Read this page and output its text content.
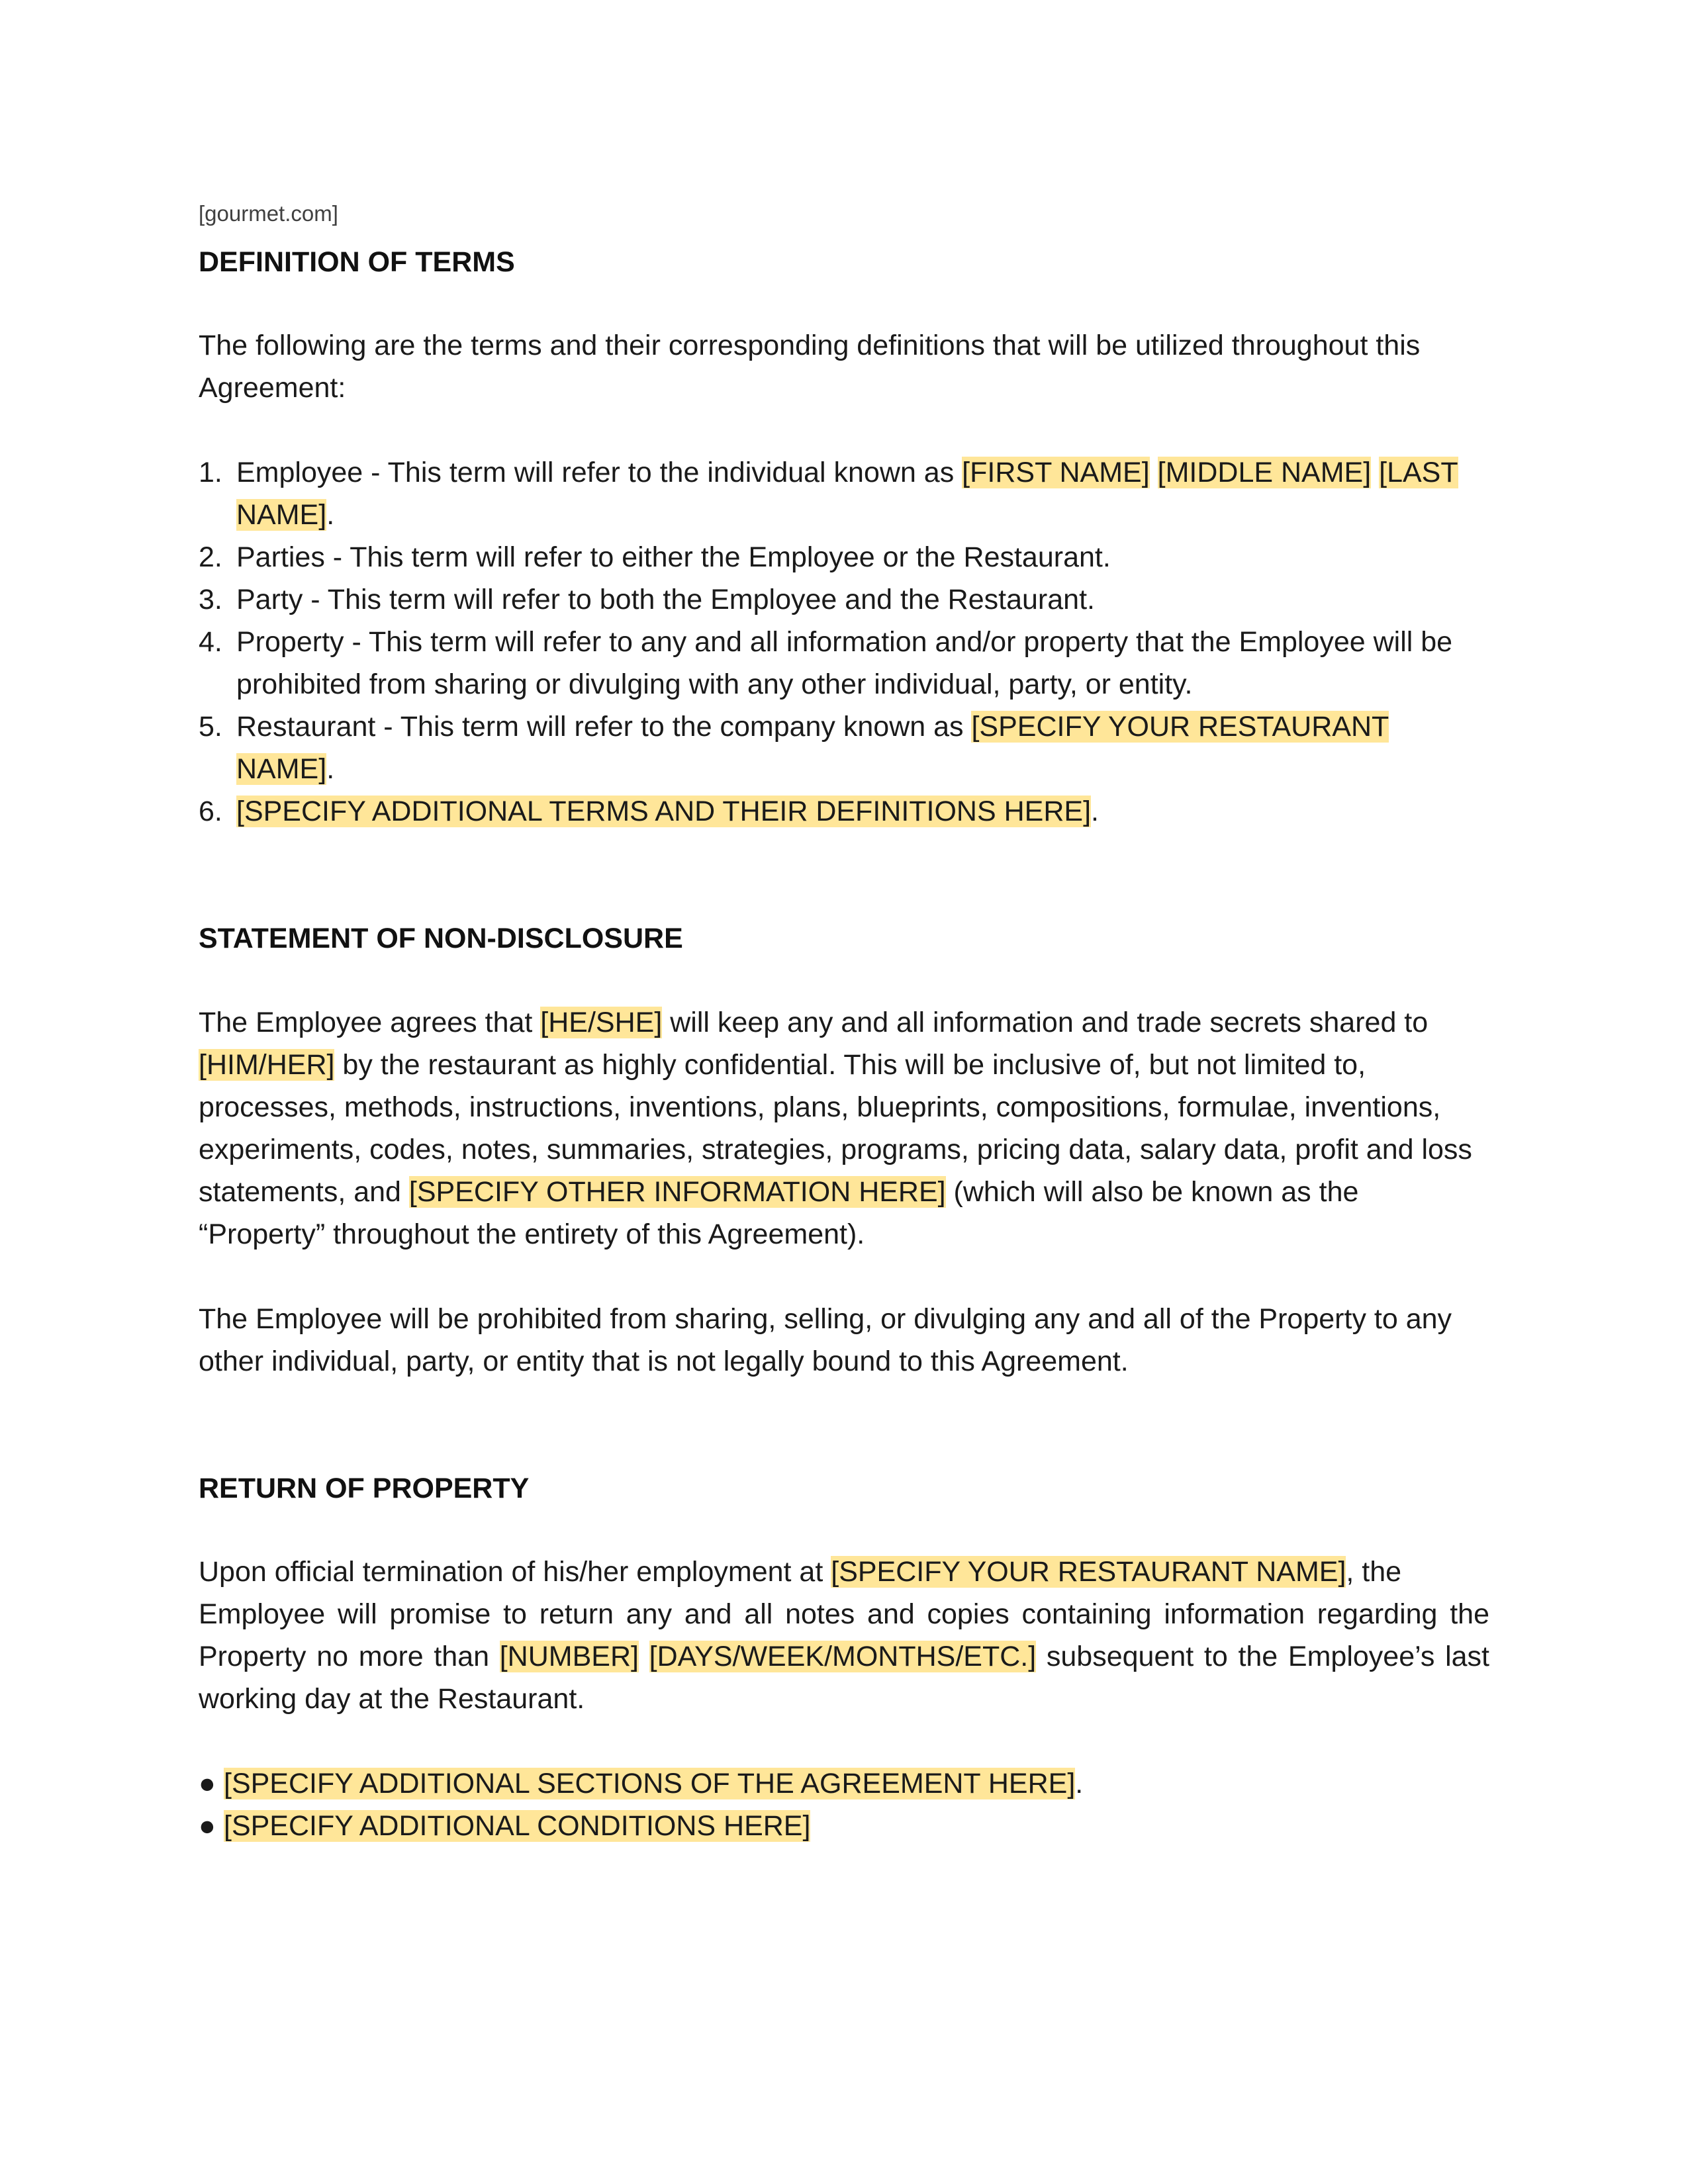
[gourmet.com]
DEFINITION OF TERMS

The following are the terms and their corresponding definitions that will be utilized throughout this Agreement:

1. Employee - This term will refer to the individual known as [FIRST NAME] [MIDDLE NAME] [LAST NAME].
2. Parties - This term will refer to either the Employee or the Restaurant.
3. Party - This term will refer to both the Employee and the Restaurant.
4. Property - This term will refer to any and all information and/or property that the Employee will be prohibited from sharing or divulging with any other individual, party, or entity.
5. Restaurant - This term will refer to the company known as [SPECIFY YOUR RESTAURANT NAME].
6. [SPECIFY ADDITIONAL TERMS AND THEIR DEFINITIONS HERE].
STATEMENT OF NON-DISCLOSURE

The Employee agrees that [HE/SHE] will keep any and all information and trade secrets shared to [HIM/HER] by the restaurant as highly confidential. This will be inclusive of, but not limited to, processes, methods, instructions, inventions, plans, blueprints, compositions, formulae, inventions, experiments, codes, notes, summaries, strategies, programs, pricing data, salary data, profit and loss statements, and [SPECIFY OTHER INFORMATION HERE] (which will also be known as the “Property” throughout the entirety of this Agreement).

The Employee will be prohibited from sharing, selling, or divulging any and all of the Property to any other individual, party, or entity that is not legally bound to this Agreement.

RETURN OF PROPERTY

Upon official termination of his/her employment at [SPECIFY YOUR RESTAURANT NAME], the

Employee will promise to return any and all notes and copies containing information regarding the Property no more than [NUMBER] [DAYS/WEEK/MONTHS/ETC.] subsequent to the Employee’s last working day at the Restaurant.

● [SPECIFY ADDITIONAL SECTIONS OF THE AGREEMENT HERE].
● [SPECIFY ADDITIONAL CONDITIONS HERE]
